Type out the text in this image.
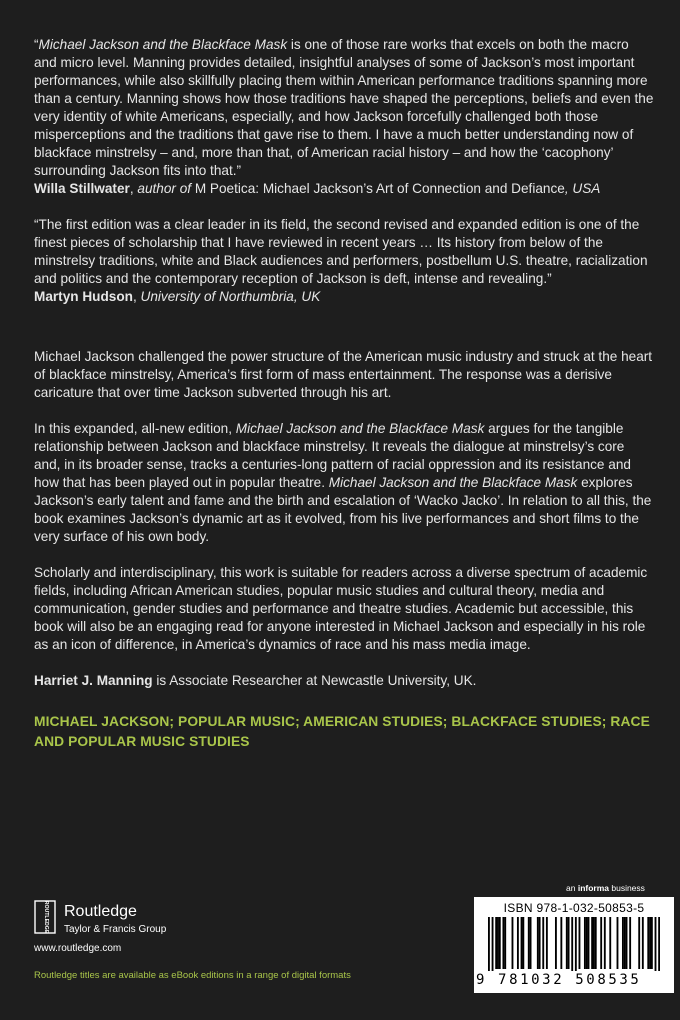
“Michael Jackson and the Blackface Mask is one of those rare works that excels on both the macro and micro level. Manning provides detailed, insightful analyses of some of Jackson’s most important performances, while also skillfully placing them within American performance traditions spanning more than a century. Manning shows how those traditions have shaped the perceptions, beliefs and even the very identity of white Americans, especially, and how Jackson forcefully challenged both those misperceptions and the traditions that gave rise to them. I have a much better understanding now of blackface minstrelsy – and, more than that, of American racial history – and how the ‘cacophony’ surrounding Jackson fits into that.”

Willa Stillwater, author of M Poetica: Michael Jackson’s Art of Connection and Defiance, USA

“The first edition was a clear leader in its field, the second revised and expanded edition is one of the finest pieces of scholarship that I have reviewed in recent years … Its history from below of the minstrelsy traditions, white and Black audiences and performers, postbellum U.S. theatre, racialization and politics and the contemporary reception of Jackson is deft, intense and revealing.”

Martyn Hudson, University of Northumbria, UK

Michael Jackson challenged the power structure of the American music industry and struck at the heart of blackface minstrelsy, America’s first form of mass entertainment. The response was a derisive caricature that over time Jackson subverted through his art.

In this expanded, all-new edition, Michael Jackson and the Blackface Mask argues for the tangible relationship between Jackson and blackface minstrelsy. It reveals the dialogue at minstrelsy’s core and, in its broader sense, tracks a centuries-long pattern of racial oppression and its resistance and how that has been played out in popular theatre. Michael Jackson and the Blackface Mask explores Jackson’s early talent and fame and the birth and escalation of ‘Wacko Jacko’. In relation to all this, the book examines Jackson’s dynamic art as it evolved, from his live performances and short films to the very surface of his own body.

Scholarly and interdisciplinary, this work is suitable for readers across a diverse spectrum of academic fields, including African American studies, popular music studies and cultural theory, media and communication, gender studies and performance and theatre studies. Academic but accessible, this book will also be an engaging read for anyone interested in Michael Jackson and especially in his role as an icon of difference, in America’s dynamics of race and his mass media image.

Harriet J. Manning is Associate Researcher at Newcastle University, UK.

MICHAEL JACKSON; POPULAR MUSIC; AMERICAN STUDIES; BLACKFACE STUDIES; RACE AND POPULAR MUSIC STUDIES
ROUTLEDGE Routledge
Taylor & Francis Group
www.routledge.com
Routledge titles are available as eBook editions in a range of digital formats
an informa business
ISBN 978-1-032-50853-5
9 781032 508535
